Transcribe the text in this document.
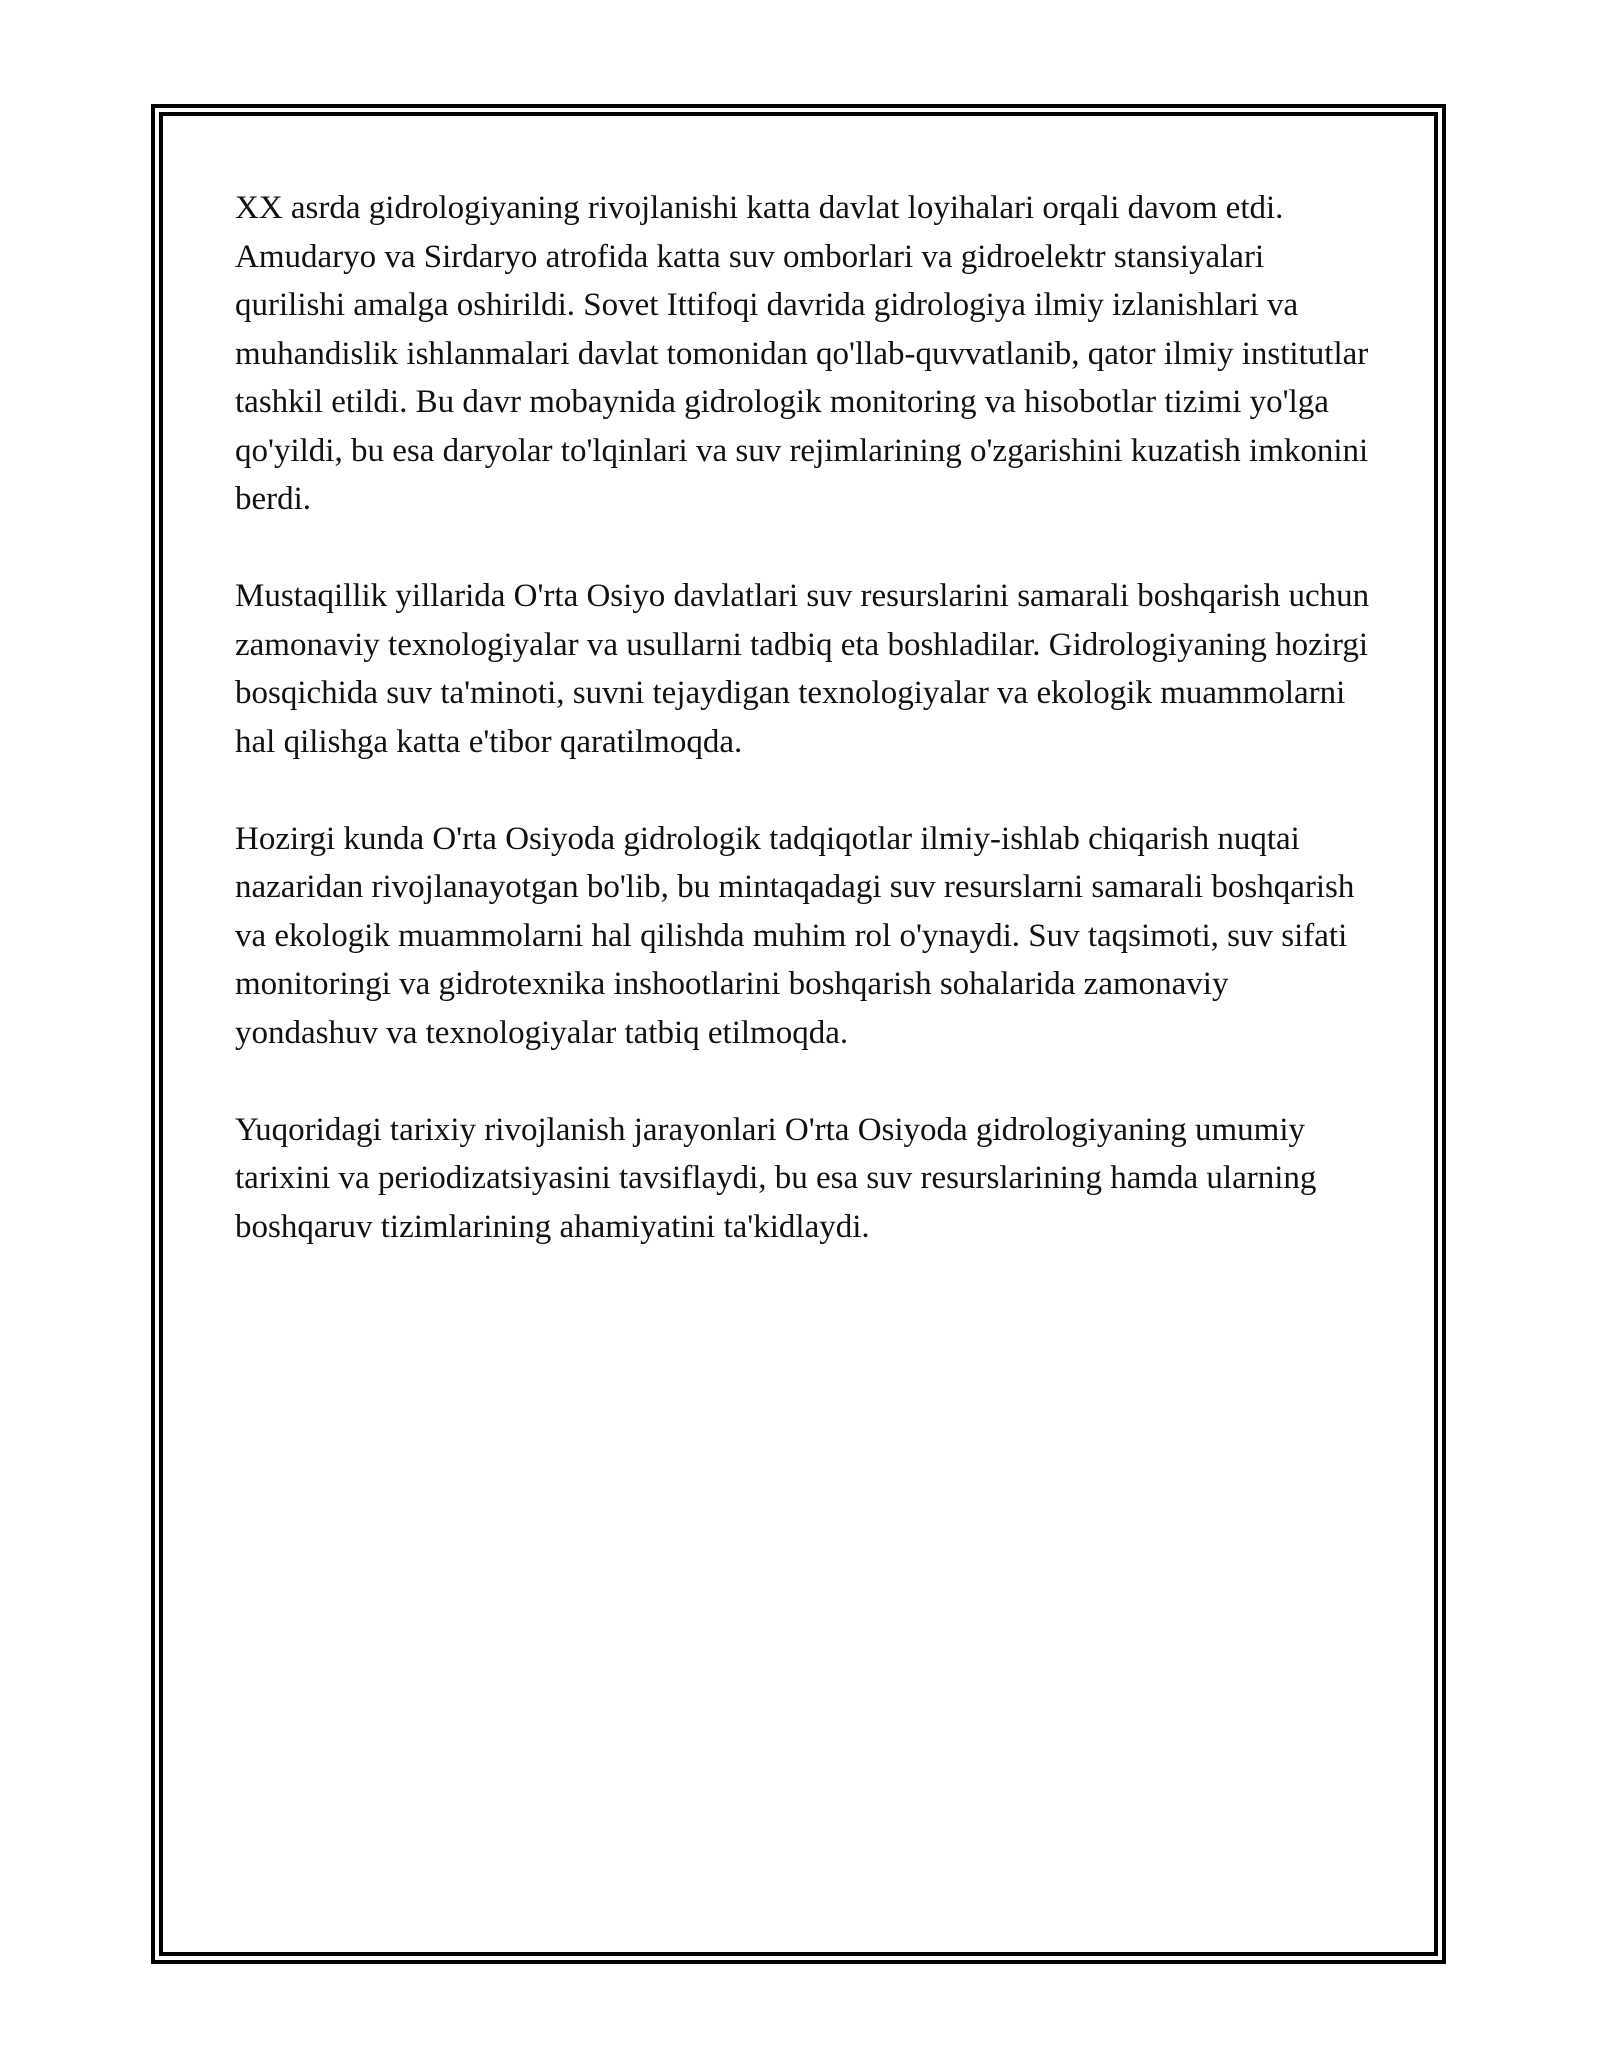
XX asrda gidrologiyaning rivojlanishi katta davlat loyihalari orqali davom etdi. Amudaryo va Sirdaryo atrofida katta suv omborlari va gidroelektr stansiyalari qurilishi amalga oshirildi. Sovet Ittifoqi davrida gidrologiya ilmiy izlanishlari va muhandislik ishlanmalari davlat tomonidan qo'llab-quvvatlanib, qator ilmiy institutlar tashkil etildi. Bu davr mobaynida gidrologik monitoring va hisobotlar tizimi yo'lga qo'yildi, bu esa daryolar to'lqinlari va suv rejimlarining o'zgarishini kuzatish imkonini berdi.

Mustaqillik yillarida O'rta Osiyo davlatlari suv resurslarini samarali boshqarish uchun zamonaviy texnologiyalar va usullarni tadbiq eta boshladilar. Gidrologiyaning hozirgi bosqichida suv ta'minoti, suvni tejaydigan texnologiyalar va ekologik muammolarni hal qilishga katta e'tibor qaratilmoqda.

Hozirgi kunda O'rta Osiyoda gidrologik tadqiqotlar ilmiy-ishlab chiqarish nuqtai nazaridan rivojlanayotgan bo'lib, bu mintaqadagi suv resurslarni samarali boshqarish va ekologik muammolarni hal qilishda muhim rol o'ynaydi. Suv taqsimoti, suv sifati monitoringi va gidrotexnika inshootlarini boshqarish sohalarida zamonaviy yondashuv va texnologiyalar tatbiq etilmoqda.

Yuqoridagi tarixiy rivojlanish jarayonlari O'rta Osiyoda gidrologiyaning umumiy tarixini va periodizatsiyasini tavsiflaydi, bu esa suv resurslarining hamda ularning boshqaruv tizimlarining ahamiyatini ta'kidlaydi.
